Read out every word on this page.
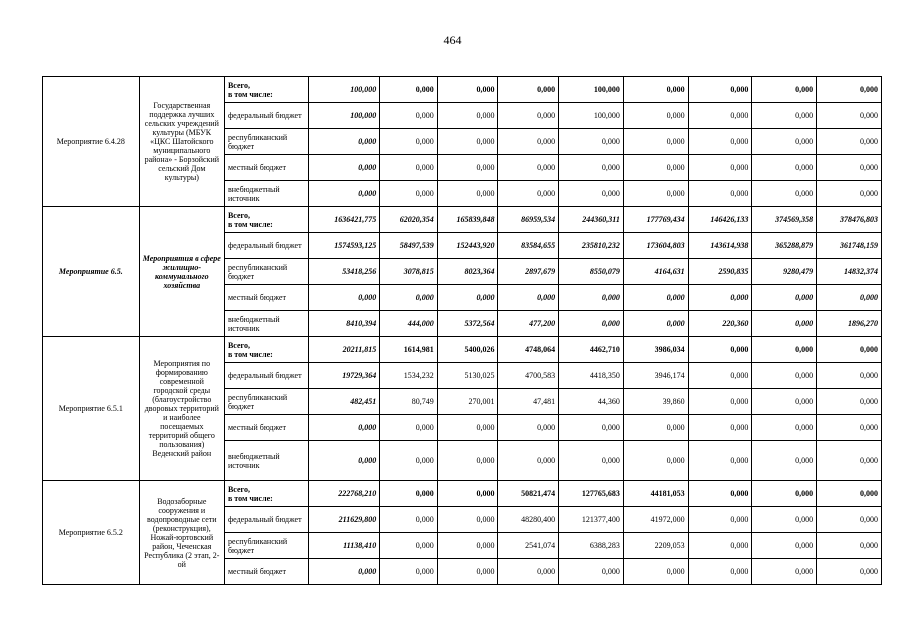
464
Мероприятие 6.4.28	Государственная поддержка лучших сельских учреждений культуры (МБУК «ЦКС Шатойского муниципального района» - Борзойский сельский Дом культуры)	Всего,
в том числе:	100,000	0,000	0,000	0,000	100,000	0,000	0,000	0,000	0,000
		федеральный бюджет	100,000	0,000	0,000	0,000	100,000	0,000	0,000	0,000	0,000
		республиканский бюджет	0,000	0,000	0,000	0,000	0,000	0,000	0,000	0,000	0,000
		местный бюджет	0,000	0,000	0,000	0,000	0,000	0,000	0,000	0,000	0,000
		внебюджетный источник	0,000	0,000	0,000	0,000	0,000	0,000	0,000	0,000	0,000
Мероприятие 6.5.	Мероприятия в сфере жилищно-коммунального хозяйства	Всего,
в том числе:	1636421,775	62020,354	165839,848	86959,534	244360,311	177769,434	146426,133	374569,358	378476,803
		федеральный бюджет	1574593,125	58497,539	152443,920	83584,655	235810,232	173604,803	143614,938	365288,879	361748,159
		республиканский бюджет	53418,256	3078,815	8023,364	2897,679	8550,079	4164,631	2590,835	9280,479	14832,374
		местный бюджет	0,000	0,000	0,000	0,000	0,000	0,000	0,000	0,000	0,000
		внебюджетный источник	8410,394	444,000	5372,564	477,200	0,000	0,000	220,360	0,000	1896,270
Мероприятие 6.5.1	Мероприятия по формированию современной городской среды (благоустройство дворовых территорий и наиболее посещаемых территорий общего пользования) Веденский район	Всего,
в том числе:	20211,815	1614,981	5400,026	4748,064	4462,710	3986,034	0,000	0,000	0,000
		федеральный бюджет	19729,364	1534,232	5130,025	4700,583	4418,350	3946,174	0,000	0,000	0,000
		республиканский бюджет	482,451	80,749	270,001	47,481	44,360	39,860	0,000	0,000	0,000
		местный бюджет	0,000	0,000	0,000	0,000	0,000	0,000	0,000	0,000	0,000
		внебюджетный источник	0,000	0,000	0,000	0,000	0,000	0,000	0,000	0,000	0,000
Мероприятие 6.5.2	Водозаборные сооружения и водопроводные сети (реконструкция), Ножай-юртовский район, Чеченская Республика (2 этап, 2-ой	Всего,
в том числе:	222768,210	0,000	0,000	50821,474	127765,683	44181,053	0,000	0,000	0,000
		федеральный бюджет	211629,800	0,000	0,000	48280,400	121377,400	41972,000	0,000	0,000	0,000
		республиканский бюджет	11138,410	0,000	0,000	2541,074	6388,283	2209,053	0,000	0,000	0,000
		местный бюджет	0,000	0,000	0,000	0,000	0,000	0,000	0,000	0,000	0,000
